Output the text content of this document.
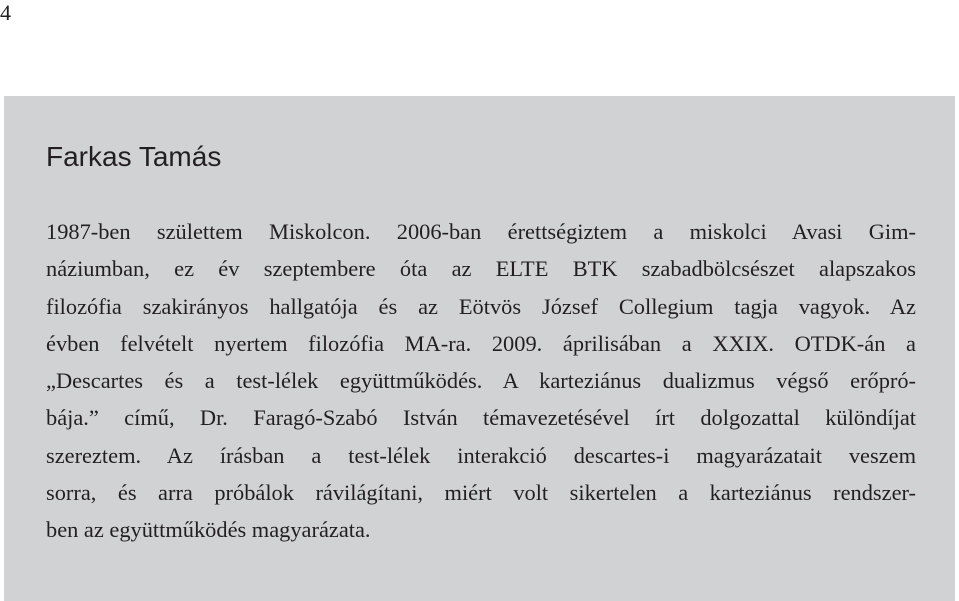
4
Farkas Tamás

1987-ben születtem Miskolcon. 2006-ban érettségiztem a miskolci Avasi Gim-
náziumban, ez év szeptembere óta az ELTE BTK szabadbölcsészet alapszakos
filozófia szakirányos hallgatója és az Eötvös József Collegium tagja vagyok. Az
évben felvételt nyertem filozófia MA-ra. 2009. áprilisában a XXIX. OTDK-án a
„Descartes és a test-lélek együttműködés. A karteziánus dualizmus végső erőpró-
bája.” című, Dr. Faragó-Szabó István témavezetésével írt dolgozattal különdíjat
szereztem. Az írásban a test-lélek interakció descartes-i magyarázatait veszem
sorra, és arra próbálok rávilágítani, miért volt sikertelen a karteziánus rendszer-
ben az együttműködés magyarázata.
